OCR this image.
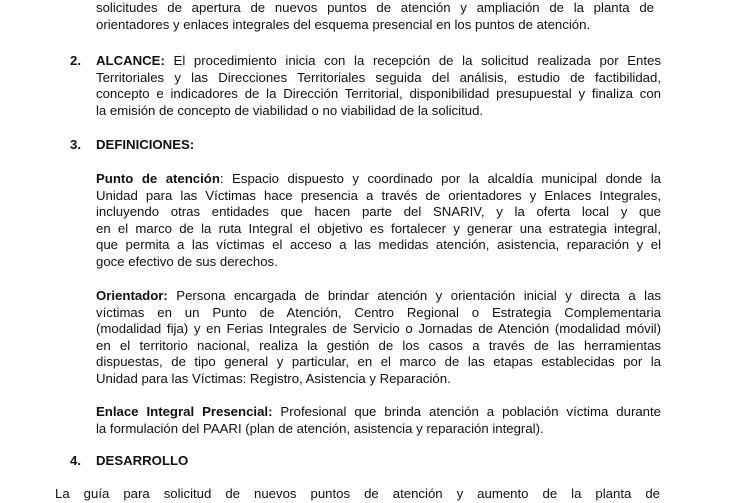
solicitudes de apertura de nuevos puntos de atención y ampliación de la planta de
orientadores y enlaces integrales del esquema presencial en los puntos de atención.
2. ALCANCE: El procedimiento inicia con la recepción de la solicitud realizada por Entes
Territoriales y las Direcciones Territoriales seguida del análisis, estudio de factibilidad,
concepto e indicadores de la Dirección Territorial, disponibilidad presupuestal y finaliza con
la emisión de concepto de viabilidad o no viabilidad de la solicitud.
3. DEFINICIONES:
Punto de atención: Espacio dispuesto y coordinado por la alcaldía municipal donde la
Unidad para las Víctimas hace presencia a través de orientadores y Enlaces Integrales,
incluyendo otras entidades que hacen parte del SNARIV, y la oferta local y que
en el marco de la ruta Integral el objetivo es fortalecer y generar una estrategia integral,
que permita a las víctimas el acceso a las medidas atención, asistencia, reparación y el
goce efectivo de sus derechos.
Orientador: Persona encargada de brindar atención y orientación inicial y directa a las
víctimas en un Punto de Atención, Centro Regional o Estrategia Complementaria
(modalidad fija) y en Ferias Integrales de Servicio o Jornadas de Atención (modalidad móvil)
en el territorio nacional, realiza la gestión de los casos a través de las herramientas
dispuestas, de tipo general y particular, en el marco de las etapas establecidas por la
Unidad para las Víctimas: Registro, Asistencia y Reparación.
Enlace Integral Presencial: Profesional que brinda atención a población víctima durante
la formulación del PAARI (plan de atención, asistencia y reparación integral).
4. DESARROLLO
La guía para solicitud de nuevos puntos de atención y aumento de la planta de
